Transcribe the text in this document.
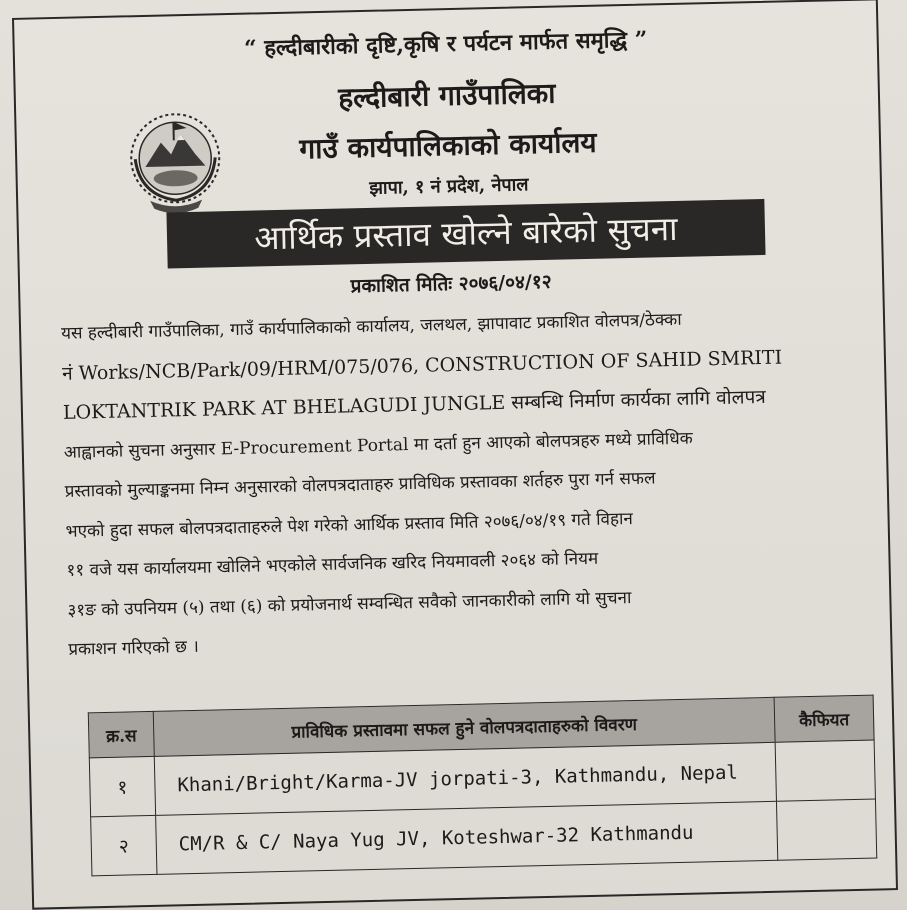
“ हल्दीबारीको दृष्टि,कृषि र पर्यटन मार्फत समृद्धि ”
हल्दीबारी गाउँपालिका
गाउँ कार्यपालिकाको कार्यालय
झापा, १ नं प्रदेश, नेपाल
आर्थिक प्रस्ताव खोल्ने बारेको सुचना
प्रकाशित मितिः २०७६/०४/१२
यस हल्दीबारी गाउँपालिका, गाउँ कार्यपालिकाको कार्यालय, जलथल, झापावाट प्रकाशित वोलपत्र/ठेक्का
नं Works/NCB/Park/09/HRM/075/076, CONSTRUCTION OF SAHID SMRITI
LOKTANTRIK PARK AT BHELAGUDI JUNGLE सम्बन्धि निर्माण कार्यका लागि वोलपत्र
आह्वानको सुचना अनुसार E-Procurement Portal मा दर्ता हुन आएको बोलपत्रहरु मध्ये प्राविधिक
प्रस्तावको मुल्याङ्कनमा निम्न अनुसारको वोलपत्रदाताहरु प्राविधिक प्रस्तावका शर्तहरु पुरा गर्न सफल
भएको हुदा सफल बोलपत्रदाताहरुले पेश गरेको आर्थिक प्रस्ताव मिति २०७६/०४/१९ गते विहान
११ वजे यस कार्यालयमा खोलिने भएकोले सार्वजनिक खरिद नियमावली २०६४ को नियम
३१ङ को उपनियम (५) तथा (६) को प्रयोजनार्थ सम्वन्धित सवैको जानकारीको लागि यो सुचना
प्रकाशन गरिएको छ ।
क्र.स	प्राविधिक प्रस्तावमा सफल हुने वोलपत्रदाताहरुको विवरण	कैफियत
१	Khani/Bright/Karma-JV jorpati-3, Kathmandu, Nepal	
२	CM/R & C/ Naya Yug JV, Koteshwar-32 Kathmandu	
